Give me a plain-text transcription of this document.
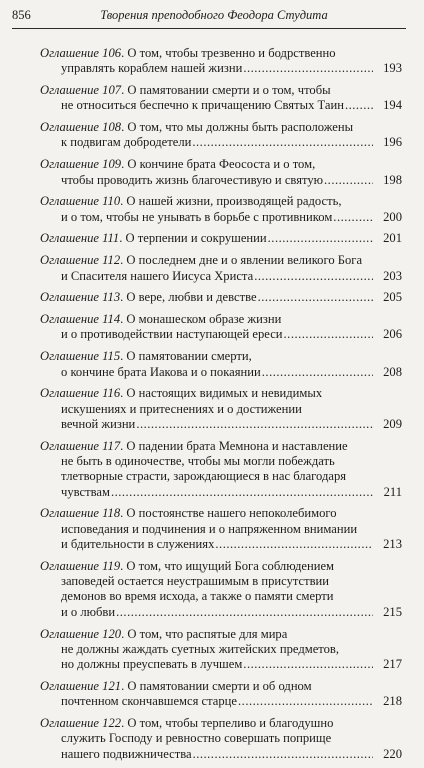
856	Творения преподобного Феодора Студита
Оглашение 106. О том, чтобы трезвенно и бодрственно
управлять кораблем нашей жизни .....	193
Оглашение 107. О памятовании смерти и о том, чтобы
не относиться беспечно к причащению Святых Таин .....	194
Оглашение 108. О том, что мы должны быть расположены
к подвигам добродетели .....	196
Оглашение 109. О кончине брата Феососта и о том,
чтобы проводить жизнь благочестивую и святую .....	198
Оглашение 110. О нашей жизни, производящей радость,
и о том, чтобы не унывать в борьбе с противником .....	200
Оглашение 111. О терпении и сокрушении .....	201
Оглашение 112. О последнем дне и о явлении великого Бога
и Спасителя нашего Иисуса Христа .....	203
Оглашение 113. О вере, любви и девстве .....	205
Оглашение 114. О монашеском образе жизни
и о противодействии наступающей ереси .....	206
Оглашение 115. О памятовании смерти,
о кончине брата Иакова и о покаянии .....	208
Оглашение 116. О настоящих видимых и невидимых
искушениях и притеснениях и о достижении
вечной жизни .....	209
Оглашение 117. О падении брата Мемнона и наставление
не быть в одиночестве, чтобы мы могли побеждать
тлетворные страсти, зарождающиеся в нас благодаря
чувствам .....	211
Оглашение 118. О постоянстве нашего непоколебимого
исповедания и подчинения и о напряженном внимании
и бдительности в служениях .....	213
Оглашение 119. О том, что ищущий Бога соблюдением
заповедей остается неустрашимым в присутствии
демонов во время исхода, а также о памяти смерти
и о любви .....	215
Оглашение 120. О том, что распятые для мира
не должны жаждать суетных житейских предметов,
но должны преуспевать в лучшем .....	217
Оглашение 121. О памятовании смерти и об одном
почтенном скончавшемся старце .....	218
Оглашение 122. О том, чтобы терпеливо и благодушно
служить Господу и ревностно совершать поприще
нашего подвижничества .....	220
